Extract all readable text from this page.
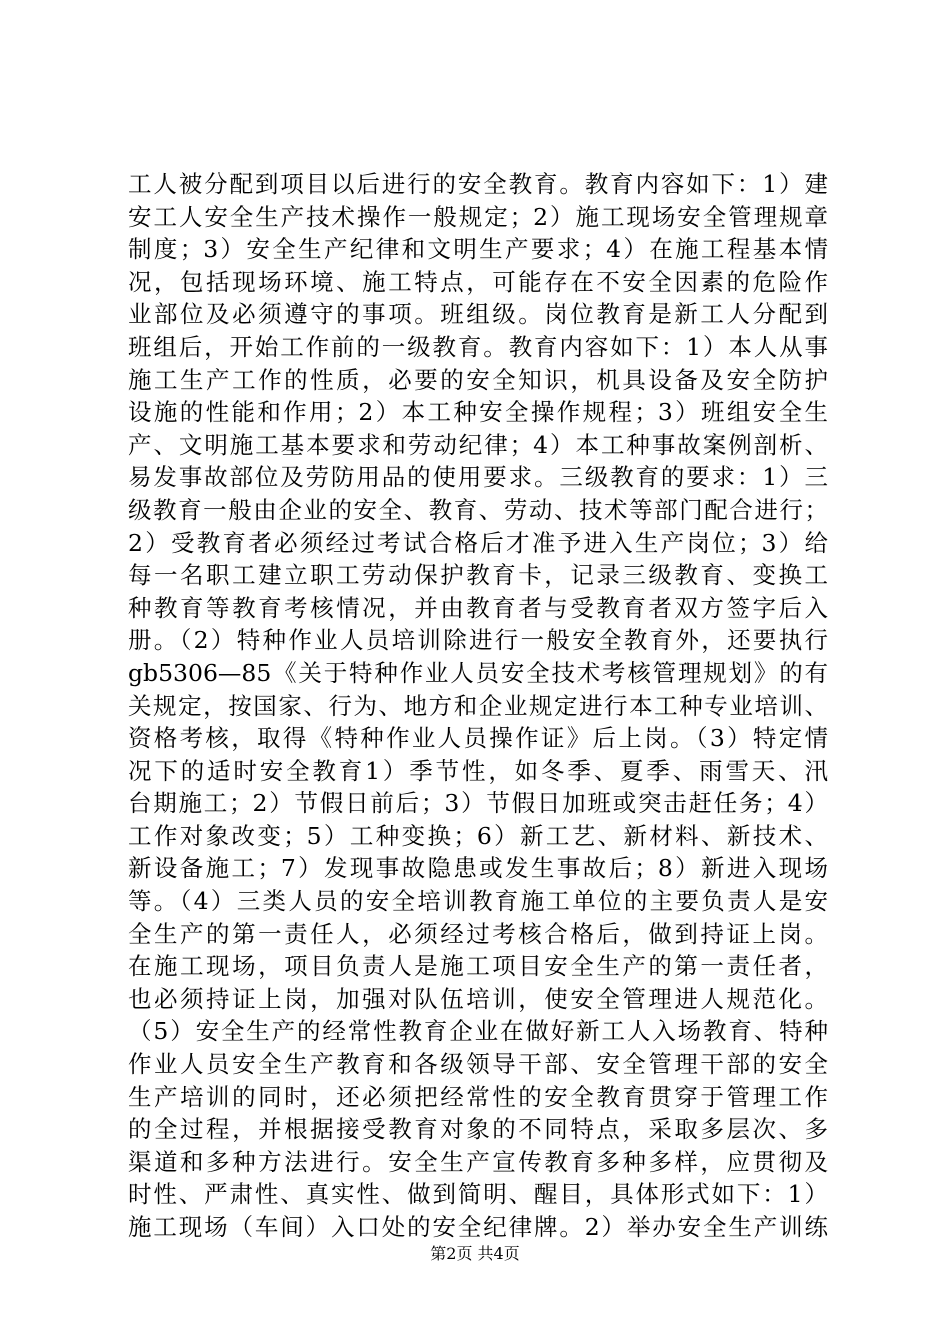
工人被分配到项目以后进行的安全教育。教育内容如下：1）建
安工人安全生产技术操作一般规定；2）施工现场安全管理规章
制度；3）安全生产纪律和文明生产要求；4）在施工程基本情
况，包括现场环境、施工特点，可能存在不安全因素的危险作
业部位及必须遵守的事项。班组级。岗位教育是新工人分配到
班组后，开始工作前的一级教育。教育内容如下：1）本人从事
施工生产工作的性质，必要的安全知识，机具设备及安全防护
设施的性能和作用；2）本工种安全操作规程；3）班组安全生
产、文明施工基本要求和劳动纪律；4）本工种事故案例剖析、
易发事故部位及劳防用品的使用要求。三级教育的要求：1）三
级教育一般由企业的安全、教育、劳动、技术等部门配合进行；
2）受教育者必须经过考试合格后才准予进入生产岗位；3）给
每一名职工建立职工劳动保护教育卡，记录三级教育、变换工
种教育等教育考核情况，并由教育者与受教育者双方签字后入
册。（2）特种作业人员培训除进行一般安全教育外，还要执行
gb5306—85《关于特种作业人员安全技术考核管理规划》的有
关规定，按国家、行为、地方和企业规定进行本工种专业培训、
资格考核，取得《特种作业人员操作证》后上岗。（3）特定情
况下的适时安全教育1）季节性，如冬季、夏季、雨雪天、汛
台期施工；2）节假日前后；3）节假日加班或突击赶任务；4）
工作对象改变；5）工种变换；6）新工艺、新材料、新技术、
新设备施工；7）发现事故隐患或发生事故后；8）新进入现场
等。（4）三类人员的安全培训教育施工单位的主要负责人是安
全生产的第一责任人，必须经过考核合格后，做到持证上岗。
在施工现场，项目负责人是施工项目安全生产的第一责任者，
也必须持证上岗，加强对队伍培训，使安全管理进人规范化。
（5）安全生产的经常性教育企业在做好新工人入场教育、特种
作业人员安全生产教育和各级领导干部、安全管理干部的安全
生产培训的同时，还必须把经常性的安全教育贯穿于管理工作
的全过程，并根据接受教育对象的不同特点，采取多层次、多
渠道和多种方法进行。安全生产宣传教育多种多样，应贯彻及
时性、严肃性、真实性、做到简明、醒目，具体形式如下：1）
施工现场（车间）入口处的安全纪律牌。2）举办安全生产训练
第2页 共4页
